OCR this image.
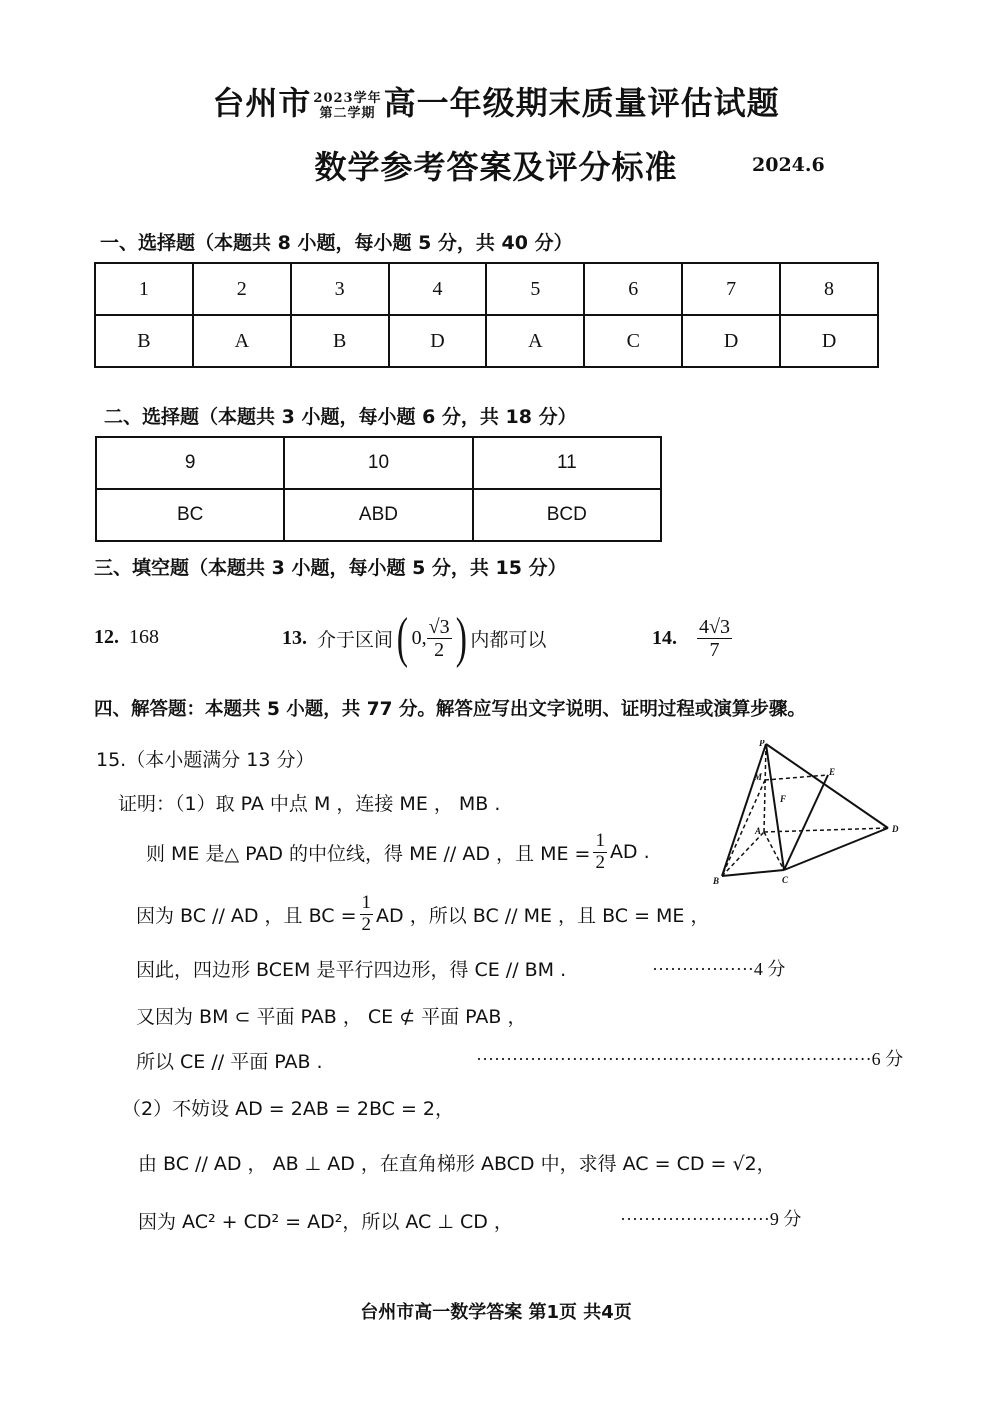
台州市 2023学年
第二学期 高一年级期末质量评估试题
数学参考答案及评分标准	2024.6
一、选择题（本题共 8 小题，每小题 5 分，共 40 分）
1	2	3	4	5	6	7	8
B	A	B	D	A	C	D	D
二、选择题（本题共 3 小题，每小题 6 分，共 18 分）
9	10	11
BC	ABD	BCD
三、填空题（本题共 3 小题，每小题 5 分，共 15 分）
12. 168	13.
介于区间 ( 0, $\frac{√3}{2}$ ) 内都可以	14.
$\frac{4√3}{7}$
四、解答题：本题共 5 小题，共 77 分。解答应写出文字说明、证明过程或演算步骤。
15.（本小题满分 13 分）
证明：（1）取 PA 中点 M ，连接 ME ， MB .
则 ME 是△ PAD 的中位线，得 ME // AD ，且 ME = $\frac{1}{2}$ AD .
因为 BC // AD ，且 BC = $\frac{1}{2}$ AD ，所以 BC // ME ，且 BC = ME ，
因此，四边形 BCEM 是平行四边形，得 CE // BM .	·················4 分
又因为 BM ⊂ 平面 PAB ， CE ⊄ 平面 PAB ，
所以 CE // 平面 PAB .	··································································6 分
（2）不妨设 AD = 2AB = 2BC = 2，
由 BC // AD ， AB ⊥ AD ，在直角梯形 ABCD 中，求得 AC = CD = √2，
因为 AC² + CD² = AD²，所以 AC ⊥ CD ，	·························9 分
P
M	E
F
A
B	C
D
台州市高一数学答案 第1页 共4页
